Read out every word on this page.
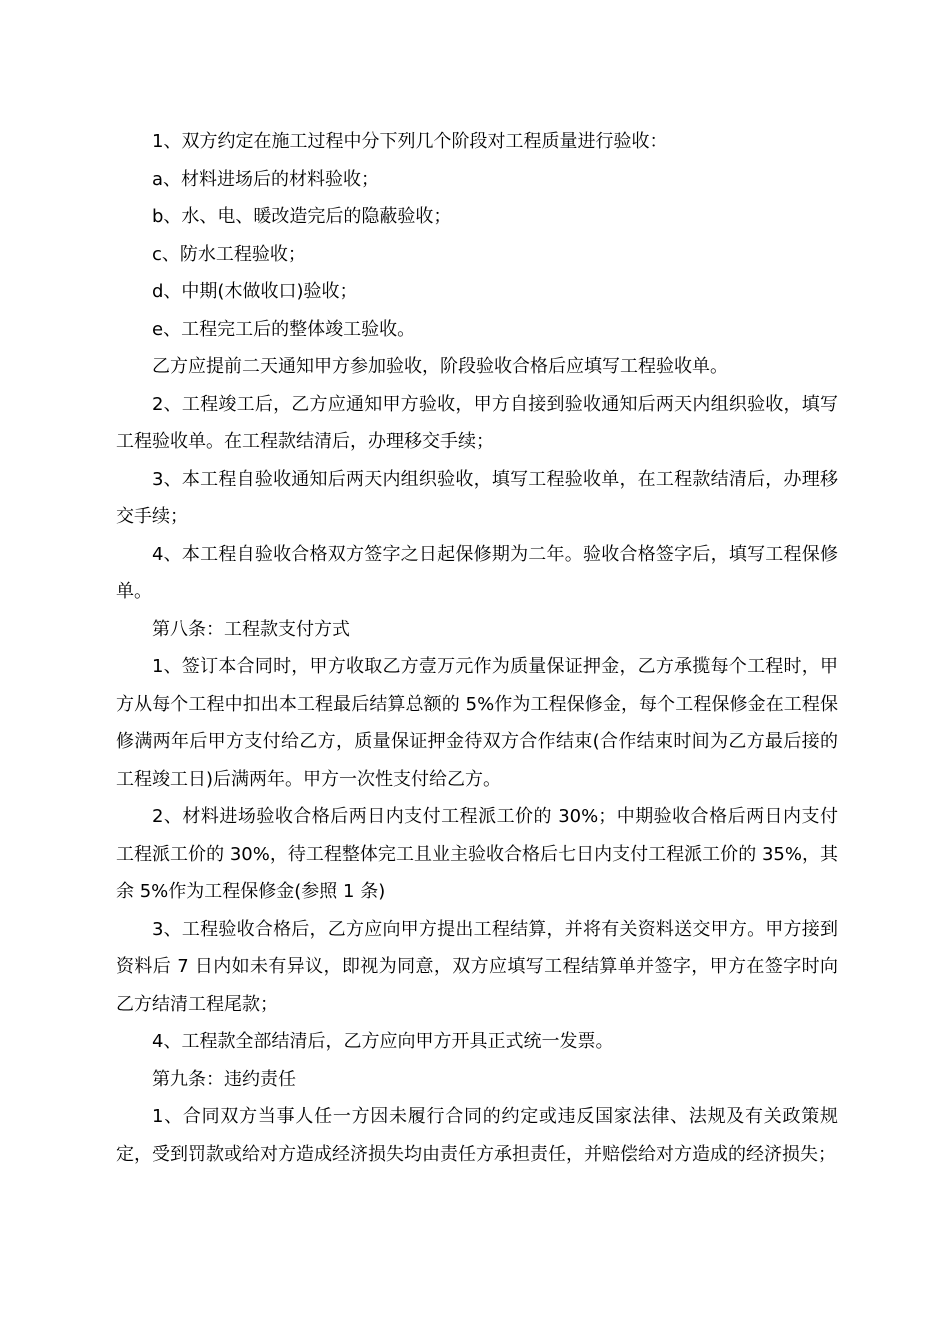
1、双方约定在施工过程中分下列几个阶段对工程质量进行验收：

a、材料进场后的材料验收；

b、水、电、暖改造完后的隐蔽验收；

c、防水工程验收；

d、中期(木做收口)验收；

e、工程完工后的整体竣工验收。

乙方应提前二天通知甲方参加验收，阶段验收合格后应填写工程验收单。

2、工程竣工后，乙方应通知甲方验收，甲方自接到验收通知后两天内组织验收，填写工程验收单。在工程款结清后，办理移交手续；

3、本工程自验收通知后两天内组织验收，填写工程验收单，在工程款结清后，办理移交手续；

4、本工程自验收合格双方签字之日起保修期为二年。验收合格签字后，填写工程保修单。

第八条：工程款支付方式

1、签订本合同时，甲方收取乙方壹万元作为质量保证押金，乙方承揽每个工程时，甲方从每个工程中扣出本工程最后结算总额的 5%作为工程保修金，每个工程保修金在工程保修满两年后甲方支付给乙方，质量保证押金待双方合作结束(合作结束时间为乙方最后接的工程竣工日)后满两年。甲方一次性支付给乙方。

2、材料进场验收合格后两日内支付工程派工价的 30%；中期验收合格后两日内支付工程派工价的 30%，待工程整体完工且业主验收合格后七日内支付工程派工价的 35%，其余 5%作为工程保修金(参照 1 条)

3、工程验收合格后，乙方应向甲方提出工程结算，并将有关资料送交甲方。甲方接到资料后 7 日内如未有异议，即视为同意，双方应填写工程结算单并签字，甲方在签字时向乙方结清工程尾款；

4、工程款全部结清后，乙方应向甲方开具正式统一发票。

第九条：违约责任

1、合同双方当事人任一方因未履行合同的约定或违反国家法律、法规及有关政策规定，受到罚款或给对方造成经济损失均由责任方承担责任，并赔偿给对方造成的经济损失；
